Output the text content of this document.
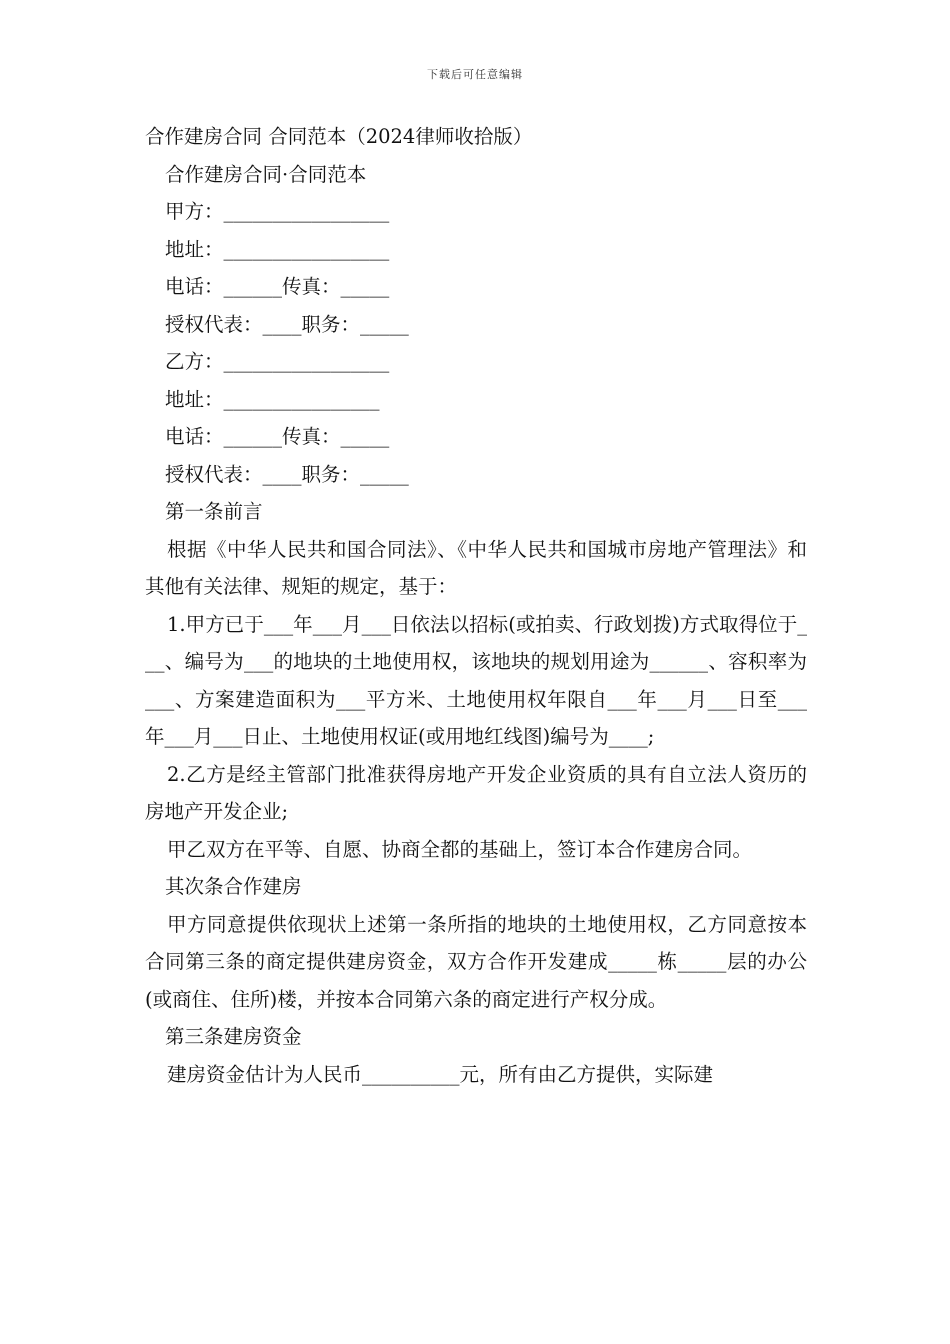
下载后可任意编辑
合作建房合同 合同范本（2024律师收拾版）
合作建房合同·合同范本
甲方：_________________
地址：_________________
电话：______传真：_____
授权代表：____职务：_____
乙方：_________________
地址：________________
电话：______传真：_____
授权代表：____职务：_____
第一条前言

根据《中华人民共和国合同法》、《中华人民共和国城市房地产管理法》和其他有关法律、规矩的规定，基于：

1.甲方已于___年___月___日依法以招标(或拍卖、行政划拨)方式取得位于___、编号为___的地块的土地使用权，该地块的规划用途为______、容积率为___、方案建造面积为___平方米、土地使用权年限自___年___月___日至___年___月___日止、土地使用权证(或用地红线图)编号为____;

2.乙方是经主管部门批准获得房地产开发企业资质的具有自立法人资历的房地产开发企业;

甲乙双方在平等、自愿、协商全都的基础上，签订本合作建房合同。

其次条合作建房

甲方同意提供依现状上述第一条所指的地块的土地使用权，乙方同意按本合同第三条的商定提供建房资金，双方合作开发建成_____栋_____层的办公(或商住、住所)楼，并按本合同第六条的商定进行产权分成。

第三条建房资金

建房资金估计为人民币__________元，所有由乙方提供，实际建
